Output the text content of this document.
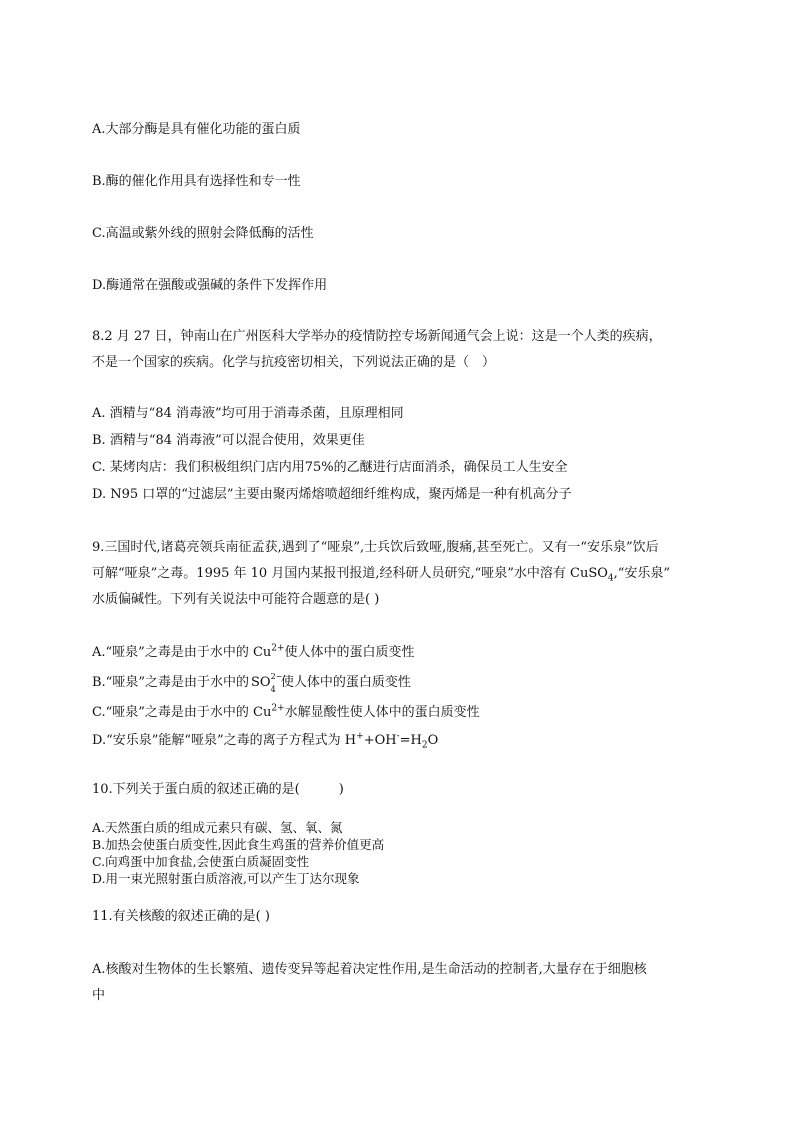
A.大部分酶是具有催化功能的蛋白质
B.酶的催化作用具有选择性和专一性
C.高温或紫外线的照射会降低酶的活性
D.酶通常在强酸或强碱的条件下发挥作用
8.2 月 27 日，钟南山在广州医科大学举办的疫情防控专场新闻通气会上说：这是一个人类的疾病，
不是一个国家的疾病。化学与抗疫密切相关，下列说法正确的是（　）
A. 酒精与“84 消毒液”均可用于消毒杀菌，且原理相同
B. 酒精与“84 消毒液”可以混合使用，效果更佳
C. 某烤肉店：我们积极组织门店内用75%的乙醚进行店面消杀，确保员工人生安全
D. N95 口罩的“过滤层”主要由聚丙烯熔喷超细纤维构成，聚丙烯是一种有机高分子
9.三国时代,诸葛亮领兵南征孟获,遇到了“哑泉”,士兵饮后致哑,腹痛,甚至死亡。又有一“安乐泉”饮后
可解“哑泉”之毒。1995 年 10 月国内某报刊报道,经科研人员研究,“哑泉”水中溶有 CuSO$_4$,“安乐泉”
水质偏碱性。下列有关说法中可能符合题意的是( )
A.“哑泉”之毒是由于水中的 $Cu^{2+}$使人体中的蛋白质变性
B.“哑泉”之毒是由于水中的 SO 2−
4 使人体中的蛋白质变性
C.“哑泉”之毒是由于水中的 $Cu^{2+}$水解显酸性使人体中的蛋白质变性
D.“安乐泉”能解“哑泉”之毒的离子方程式为 $H^++OH^-=H_2O$
10.下列关于蛋白质的叙述正确的是(　　　)
A.天然蛋白质的组成元素只有碳、氢、氧、氮
B.加热会使蛋白质变性,因此食生鸡蛋的营养价值更高
C.向鸡蛋中加食盐,会使蛋白质凝固变性
D.用一束光照射蛋白质溶液,可以产生丁达尔现象
11.有关核酸的叙述正确的是( )
A.核酸对生物体的生长繁殖、遗传变异等起着决定性作用,是生命活动的控制者,大量存在于细胞核
中
